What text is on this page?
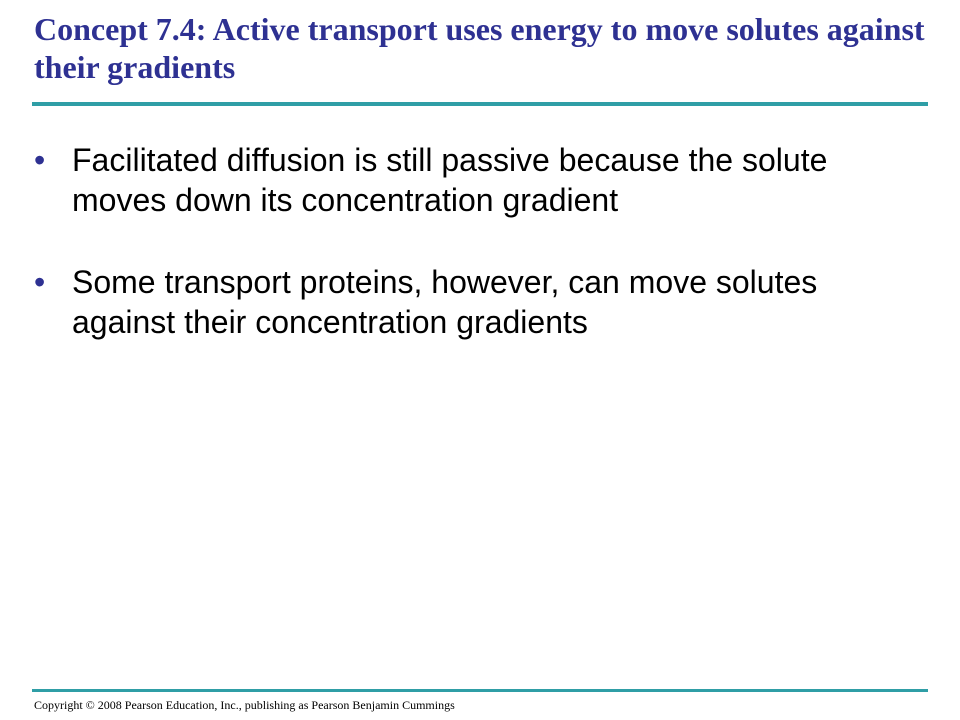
Concept 7.4: Active transport uses energy to move solutes against their gradients
• Facilitated diffusion is still passive because the solute moves down its concentration gradient
• Some transport proteins, however, can move solutes against their concentration gradients
Copyright © 2008 Pearson Education, Inc., publishing as Pearson Benjamin Cummings
